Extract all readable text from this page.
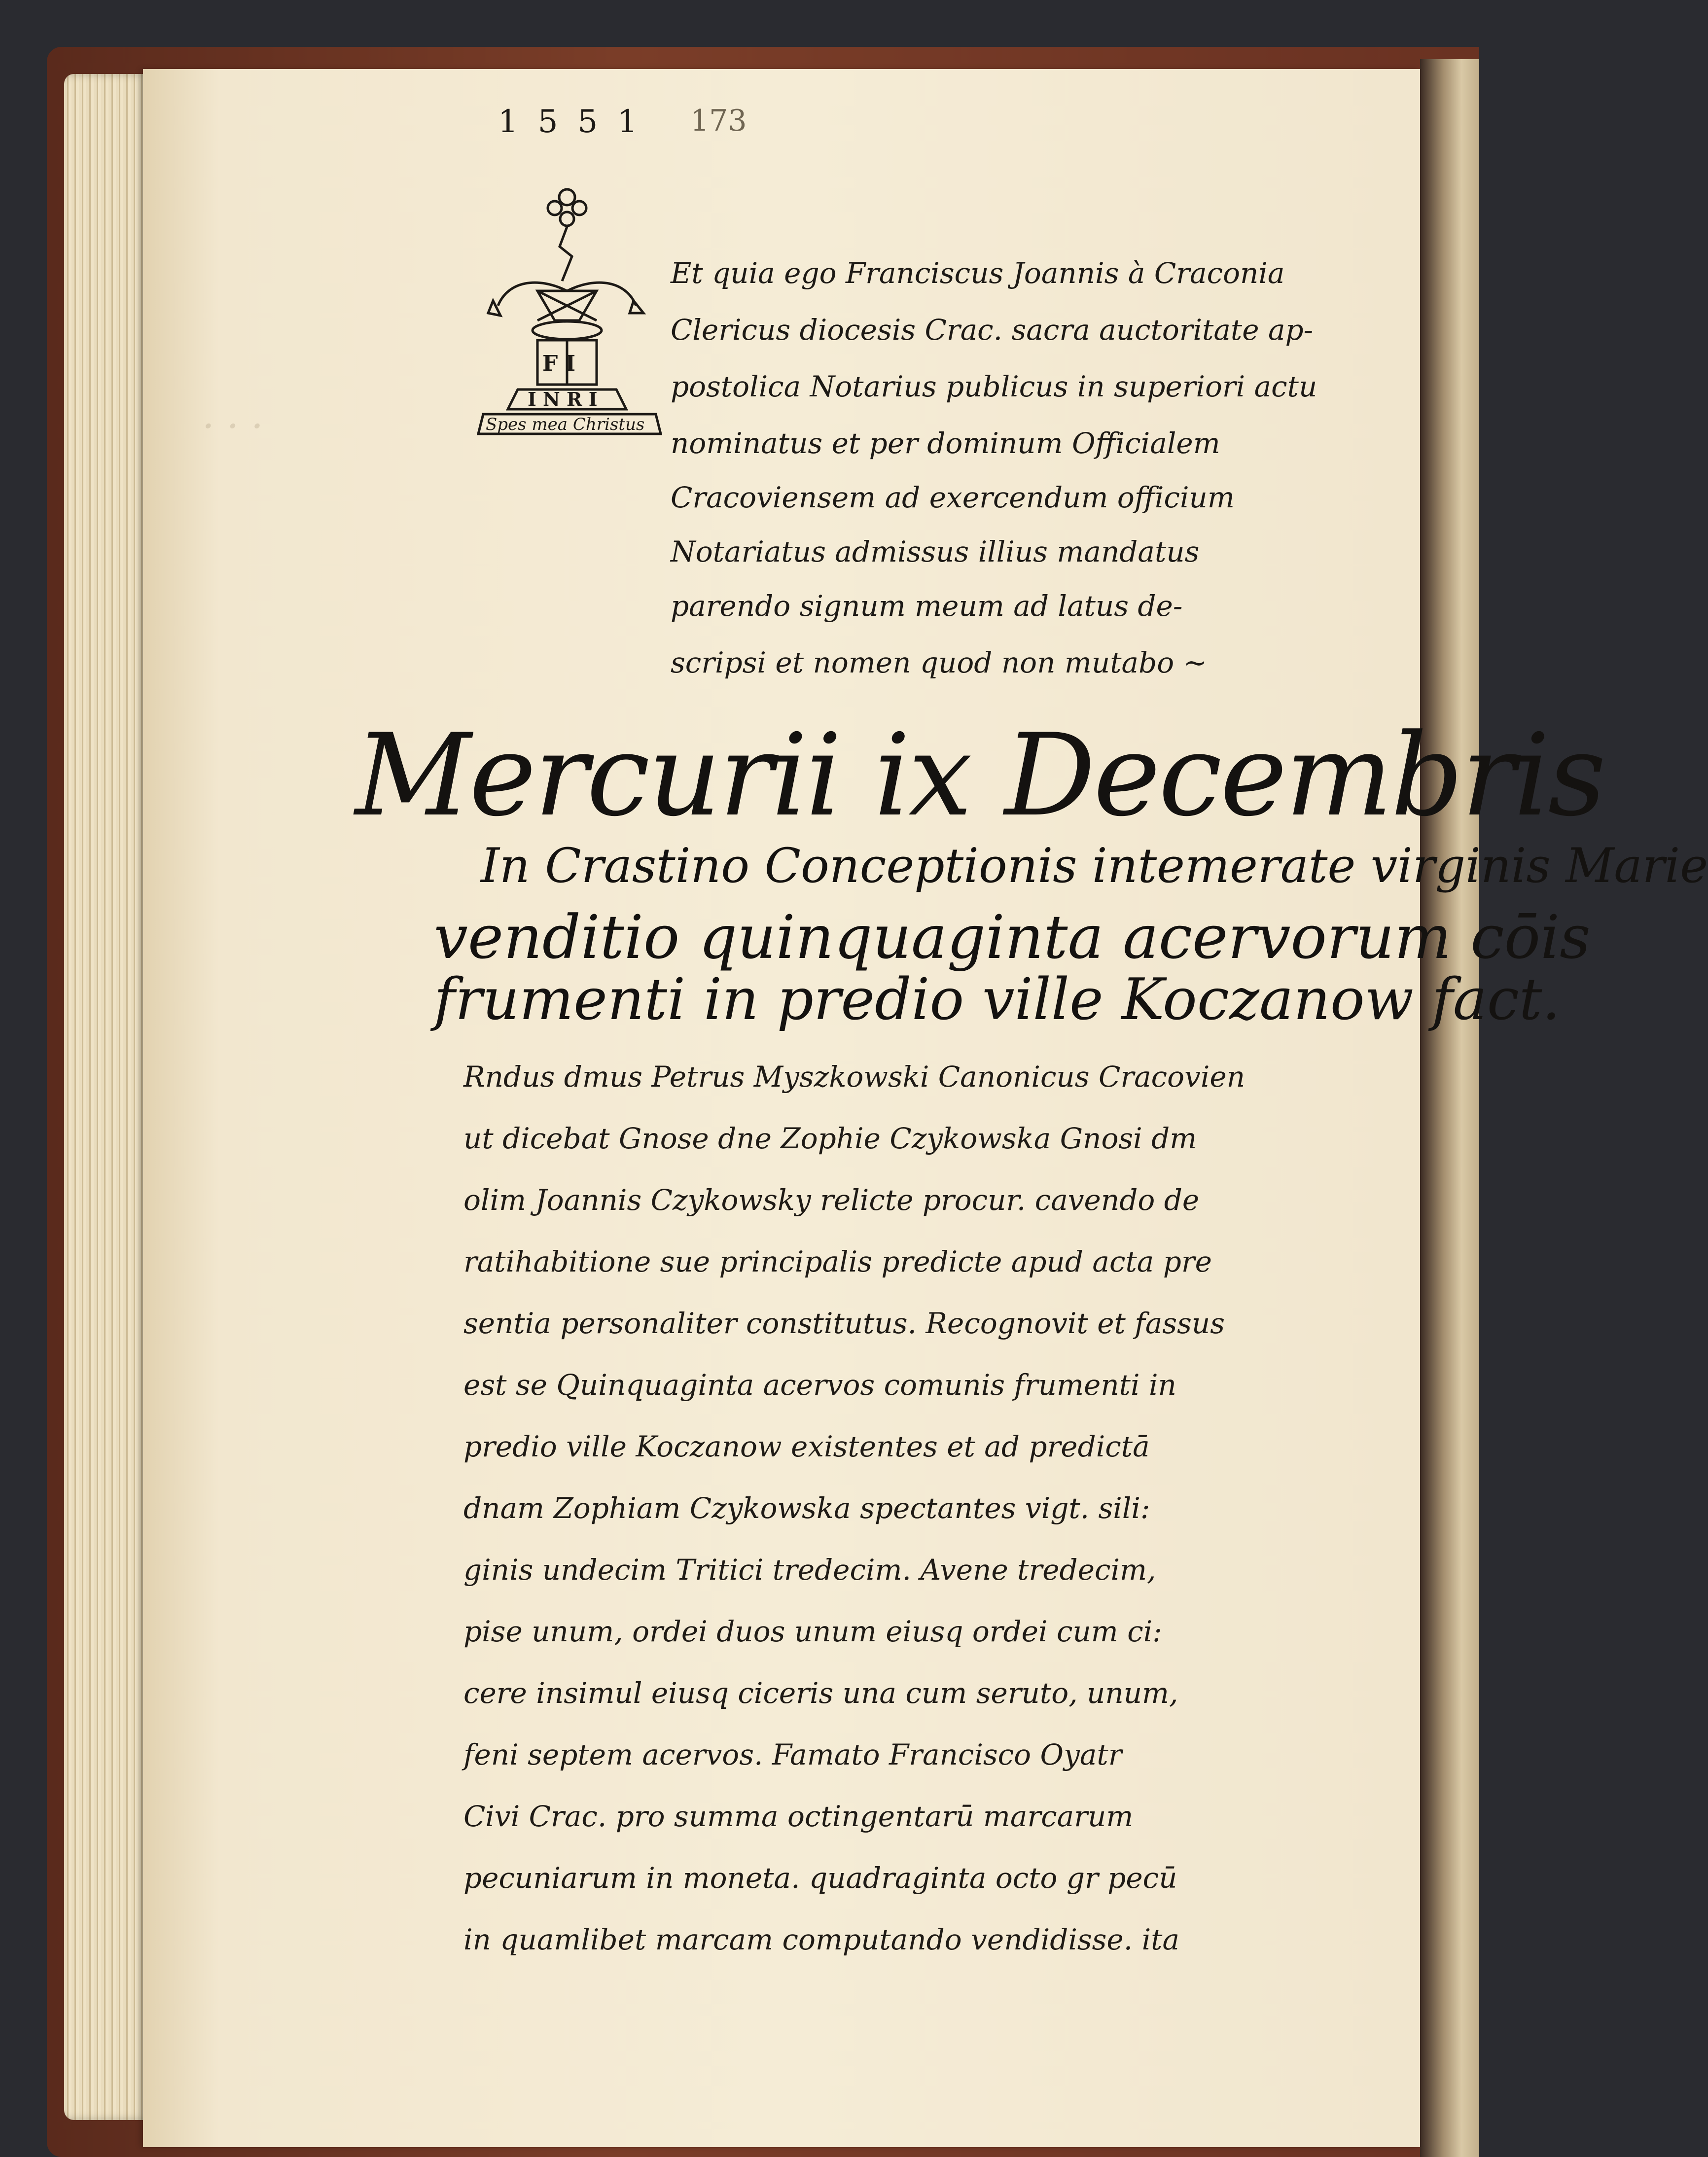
· · ·
1551 173
F I
I N R I
Spes mea Christus
Et quia ego Franciscus Joannis à Craconia
Clericus diocesis Crac. sacra auctoritate ap-
postolica Notarius publicus in superiori actu
nominatus et per dominum Officialem
Cracoviensem ad exercendum officium
Notariatus admissus illius mandatus
parendo signum meum ad latus de-
scripsi et nomen quod non mutabo ~
Mercurii ix Decembris
In Crastino Conceptionis intemerate virginis Marie
venditio quinquaginta acervorum cōis
frumenti in predio ville Koczanow fact.
Rndus dmus Petrus Myszkowski Canonicus Cracovien
ut dicebat Gnose dne Zophie Czykowska Gnosi dm
olim Joannis Czykowsky relicte procur. cavendo de
ratihabitione sue principalis predicte apud acta pre
sentia personaliter constitutus. Recognovit et fassus
est se Quinquaginta acervos comunis frumenti in
predio ville Koczanow existentes et ad predictā
dnam Zophiam Czykowska spectantes vigt. sili:
ginis undecim Tritici tredecim. Avene tredecim,
pise unum, ordei duos unum eiusq ordei cum ci:
cere insimul eiusq ciceris una cum seruto, unum,
feni septem acervos. Famato Francisco Oyatr
Civi Crac. pro summa octingentarū marcarum
pecuniarum in moneta. quadraginta octo gr pecū
in quamlibet marcam computando vendidisse. ita
